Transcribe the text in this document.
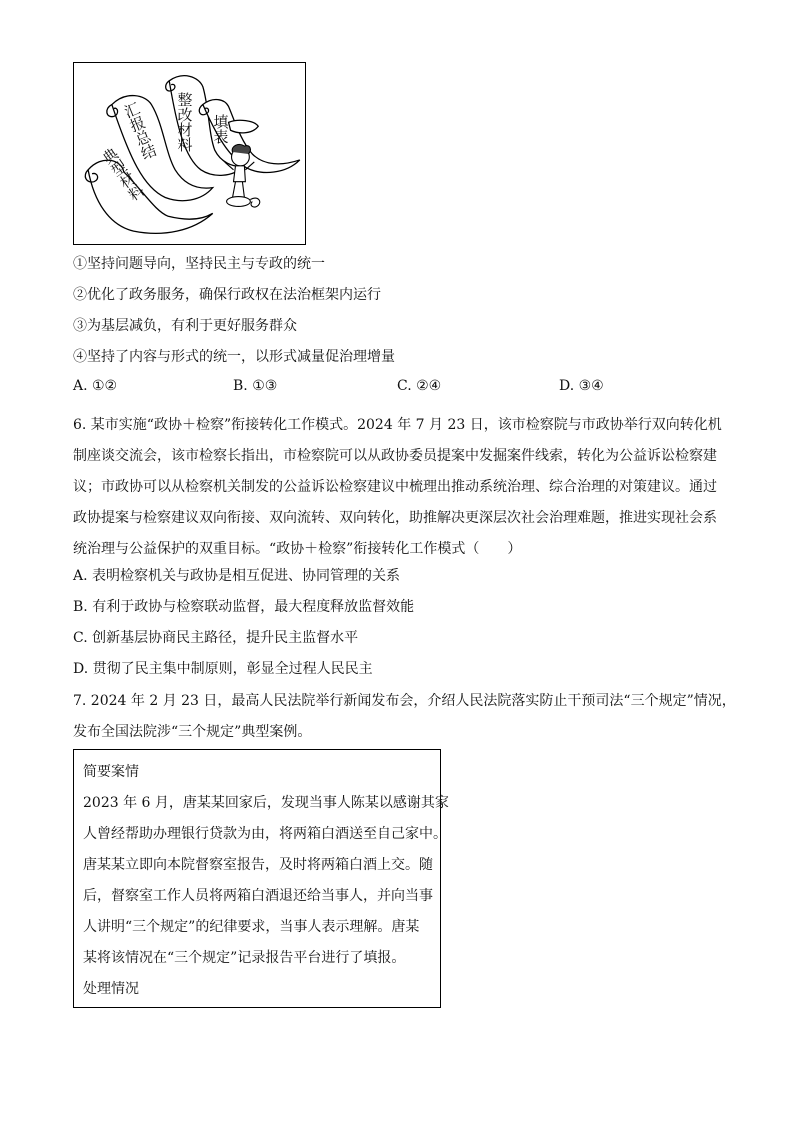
典型材料
汇报总结
整改材料
填表
①坚持问题导向，坚持民主与专政的统一
②优化了政务服务，确保行政权在法治框架内运行
③为基层减负，有利于更好服务群众
④坚持了内容与形式的统一，以形式减量促治理增量
A. ①②	B. ①③	C. ②④	D. ③④

6. 某市实施“政协＋检察”衔接转化工作模式。2024 年 7 月 23 日，该市检察院与市政协举行双向转化机

制座谈交流会，该市检察长指出，市检察院可以从政协委员提案中发掘案件线索，转化为公益诉讼检察建

议；市政协可以从检察机关制发的公益诉讼检察建议中梳理出推动系统治理、综合治理的对策建议。通过

政协提案与检察建议双向衔接、双向流转、双向转化，助推解决更深层次社会治理难题，推进实现社会系

统治理与公益保护的双重目标。“政协＋检察”衔接转化工作模式（　　）

A. 表明检察机关与政协是相互促进、协同管理的关系
B. 有利于政协与检察联动监督，最大程度释放监督效能
C. 创新基层协商民主路径，提升民主监督水平
D. 贯彻了民主集中制原则，彰显全过程人民民主

7. 2024 年 2 月 23 日，最高人民法院举行新闻发布会，介绍人民法院落实防止干预司法“三个规定”情况，

发布全国法院涉“三个规定”典型案例。

简要案情
2023 年 6 月，唐某某回家后，发现当事人陈某以感谢其家
人曾经帮助办理银行贷款为由，将两箱白酒送至自己家中。
唐某某立即向本院督察室报告，及时将两箱白酒上交。随
后，督察室工作人员将两箱白酒退还给当事人，并向当事
人讲明“三个规定”的纪律要求，当事人表示理解。唐某
某将该情况在“三个规定”记录报告平台进行了填报。
处理情况
